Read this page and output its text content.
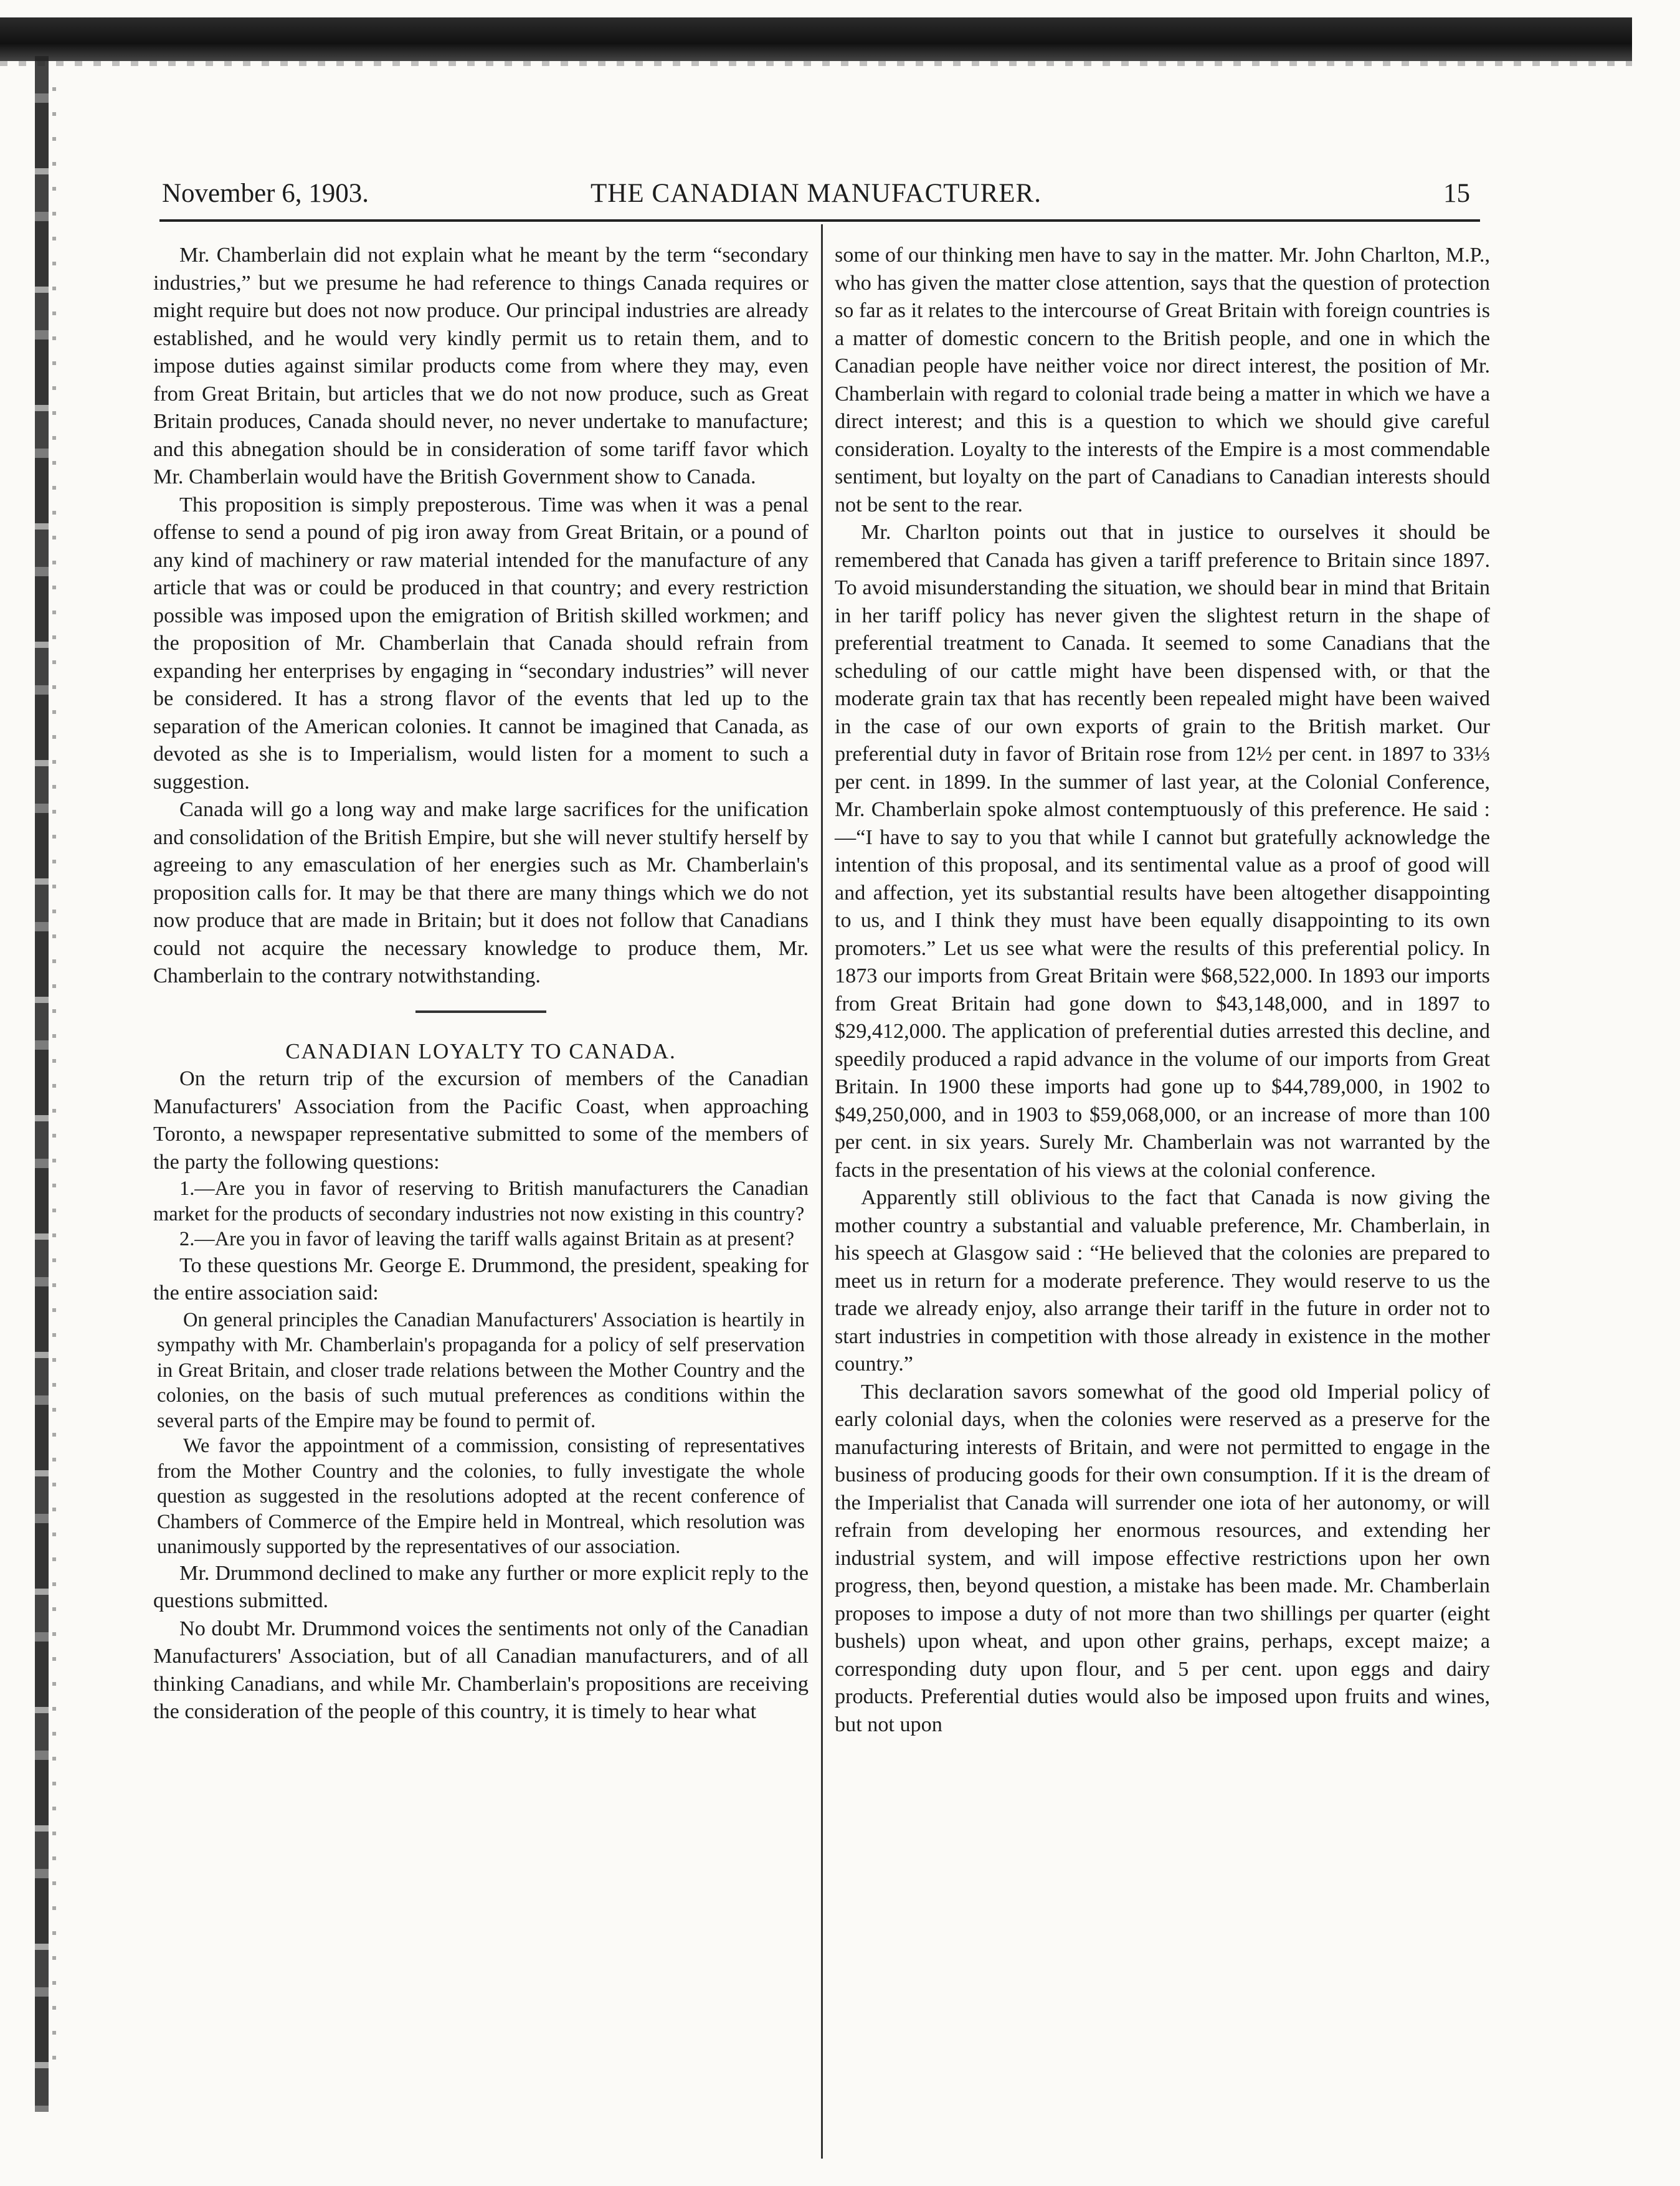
THE CANADIAN MANUFACTURER.
November 6, 1903.	15

Mr. Chamberlain did not explain what he meant by the term “secondary industries,” but we presume he had reference to things Canada requires or might require but does not now produce. Our principal industries are already established, and he would very kindly permit us to retain them, and to impose duties against similar products come from where they may, even from Great Britain, but articles that we do not now produce, such as Great Britain produces, Canada should never, no never undertake to manufacture; and this abnegation should be in consideration of some tariff favor which Mr. Chamberlain would have the British Government show to Canada.

This proposition is simply preposterous. Time was when it was a penal offense to send a pound of pig iron away from Great Britain, or a pound of any kind of machinery or raw material intended for the manufacture of any article that was or could be produced in that country; and every restriction possible was imposed upon the emigration of British skilled workmen; and the proposition of Mr. Chamberlain that Canada should refrain from expanding her enterprises by engaging in “secondary industries” will never be considered. It has a strong flavor of the events that led up to the separation of the American colonies. It cannot be imagined that Canada, as devoted as she is to Imperialism, would listen for a moment to such a suggestion.

Canada will go a long way and make large sacrifices for the unification and consolidation of the British Empire, but she will never stultify herself by agreeing to any emasculation of her energies such as Mr. Chamberlain's proposition calls for. It may be that there are many things which we do not now produce that are made in Britain; but it does not follow that Canadians could not acquire the necessary knowledge to produce them, Mr. Chamberlain to the contrary notwithstanding.

CANADIAN LOYALTY TO CANADA.

On the return trip of the excursion of members of the Canadian Manufacturers' Association from the Pacific Coast, when approaching Toronto, a newspaper representative submitted to some of the members of the party the following questions:

1.—Are you in favor of reserving to British manufacturers the Canadian market for the products of secondary industries not now existing in this country?

2.—Are you in favor of leaving the tariff walls against Britain as at present?

To these questions Mr. George E. Drummond, the president, speaking for the entire association said:

On general principles the Canadian Manufacturers' Association is heartily in sympathy with Mr. Chamberlain's propaganda for a policy of self preservation in Great Britain, and closer trade relations between the Mother Country and the colonies, on the basis of such mutual preferences as conditions within the several parts of the Empire may be found to permit of.

We favor the appointment of a commission, consisting of representatives from the Mother Country and the colonies, to fully investigate the whole question as suggested in the resolutions adopted at the recent conference of Chambers of Commerce of the Empire held in Montreal, which resolution was unanimously supported by the representatives of our association.

Mr. Drummond declined to make any further or more explicit reply to the questions submitted.

No doubt Mr. Drummond voices the sentiments not only of the Canadian Manufacturers' Association, but of all Canadian manufacturers, and of all thinking Canadians, and while Mr. Chamberlain's propositions are receiving the consideration of the people of this country, it is timely to hear what

some of our thinking men have to say in the matter. Mr. John Charlton, M.P., who has given the matter close attention, says that the question of protection so far as it relates to the intercourse of Great Britain with foreign countries is a matter of domestic concern to the British people, and one in which the Canadian people have neither voice nor direct interest, the position of Mr. Chamberlain with regard to colonial trade being a matter in which we have a direct interest; and this is a question to which we should give careful consideration. Loyalty to the interests of the Empire is a most commendable sentiment, but loyalty on the part of Canadians to Canadian interests should not be sent to the rear.

Mr. Charlton points out that in justice to ourselves it should be remembered that Canada has given a tariff preference to Britain since 1897. To avoid misunderstanding the situation, we should bear in mind that Britain in her tariff policy has never given the slightest return in the shape of preferential treatment to Canada. It seemed to some Canadians that the scheduling of our cattle might have been dispensed with, or that the moderate grain tax that has recently been repealed might have been waived in the case of our own exports of grain to the British market. Our preferential duty in favor of Britain rose from 12½ per cent. in 1897 to 33⅓ per cent. in 1899. In the summer of last year, at the Colonial Conference, Mr. Chamberlain spoke almost contemptuously of this preference. He said :—“I have to say to you that while I cannot but gratefully acknowledge the intention of this proposal, and its sentimental value as a proof of good will and affection, yet its substantial results have been altogether disappointing to us, and I think they must have been equally disappointing to its own promoters.” Let us see what were the results of this preferential policy. In 1873 our imports from Great Britain were $68,522,000. In 1893 our imports from Great Britain had gone down to $43,148,000, and in 1897 to $29,412,000. The application of preferential duties arrested this decline, and speedily produced a rapid advance in the volume of our imports from Great Britain. In 1900 these imports had gone up to $44,789,000, in 1902 to $49,250,000, and in 1903 to $59,068,000, or an increase of more than 100 per cent. in six years. Surely Mr. Chamberlain was not warranted by the facts in the presentation of his views at the colonial conference.

Apparently still oblivious to the fact that Canada is now giving the mother country a substantial and valuable preference, Mr. Chamberlain, in his speech at Glasgow said : “He believed that the colonies are prepared to meet us in return for a moderate preference. They would reserve to us the trade we already enjoy, also arrange their tariff in the future in order not to start industries in competition with those already in existence in the mother country.”

This declaration savors somewhat of the good old Imperial policy of early colonial days, when the colonies were reserved as a preserve for the manufacturing interests of Britain, and were not permitted to engage in the business of producing goods for their own consumption. If it is the dream of the Imperialist that Canada will surrender one iota of her autonomy, or will refrain from developing her enormous resources, and extending her industrial system, and will impose effective restrictions upon her own progress, then, beyond question, a mistake has been made. Mr. Chamberlain proposes to impose a duty of not more than two shillings per quarter (eight bushels) upon wheat, and upon other grains, perhaps, except maize; a corresponding duty upon flour, and 5 per cent. upon eggs and dairy products. Preferential duties would also be imposed upon fruits and wines, but not upon
